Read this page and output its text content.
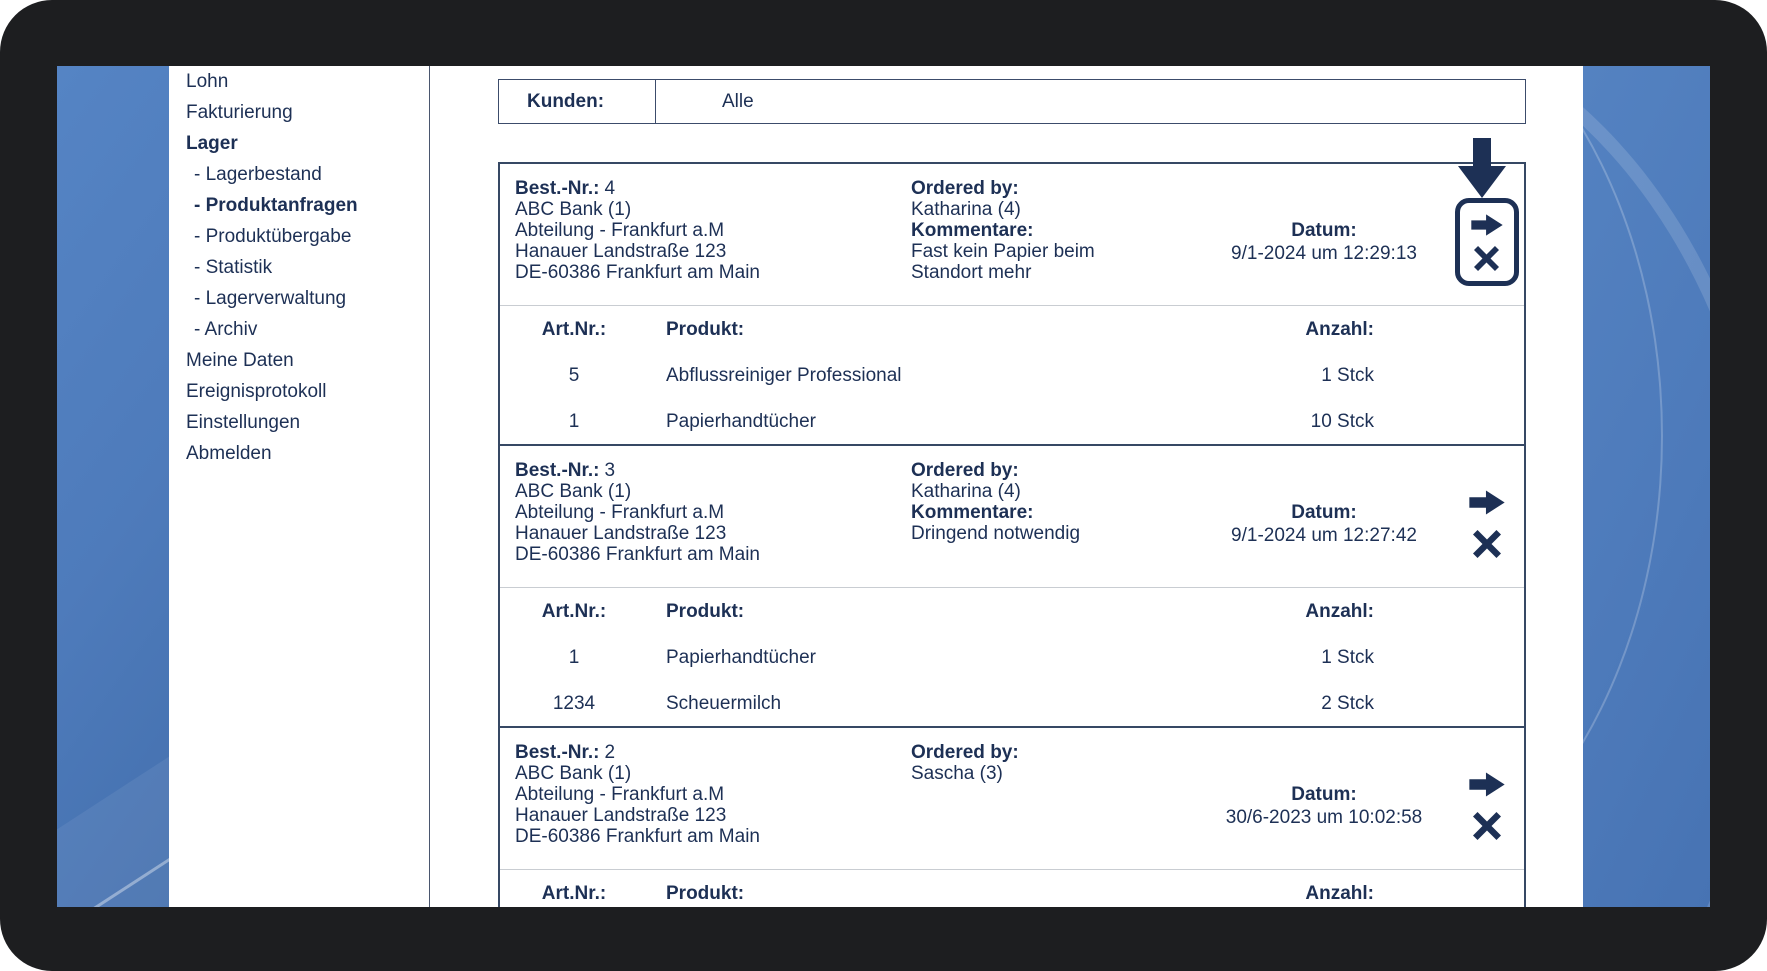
Lohn
Fakturierung
Lager
- Lagerbestand
- Produktanfragen
- Produktübergabe
- Statistik
- Lagerverwaltung
- Archiv
Meine Daten
Ereignisprotokoll
Einstellungen
Abmelden
Kunden:	Alle
Best.-Nr.: 4
ABC Bank (1)
Abteilung - Frankfurt a.M
Hanauer Landstraße 123
DE-60386 Frankfurt am Main
Ordered by:
Katharina (4)
Kommentare:
Fast kein Papier beim Standort mehr
Datum:
9/1-2024 um 12:29:13
Art.Nr.:	Produkt:	Anzahl:
5	Abflussreiniger Professional	1 Stck
1	Papierhandtücher	10 Stck
Best.-Nr.: 3
ABC Bank (1)
Abteilung - Frankfurt a.M
Hanauer Landstraße 123
DE-60386 Frankfurt am Main
Ordered by:
Katharina (4)
Kommentare:
Dringend notwendig
Datum:
9/1-2024 um 12:27:42
Art.Nr.:	Produkt:	Anzahl:
1	Papierhandtücher	1 Stck
1234	Scheuermilch	2 Stck
Best.-Nr.: 2
ABC Bank (1)
Abteilung - Frankfurt a.M
Hanauer Landstraße 123
DE-60386 Frankfurt am Main
Ordered by:
Sascha (3)
Datum:
30/6-2023 um 10:02:58
Art.Nr.:	Produkt:	Anzahl:
